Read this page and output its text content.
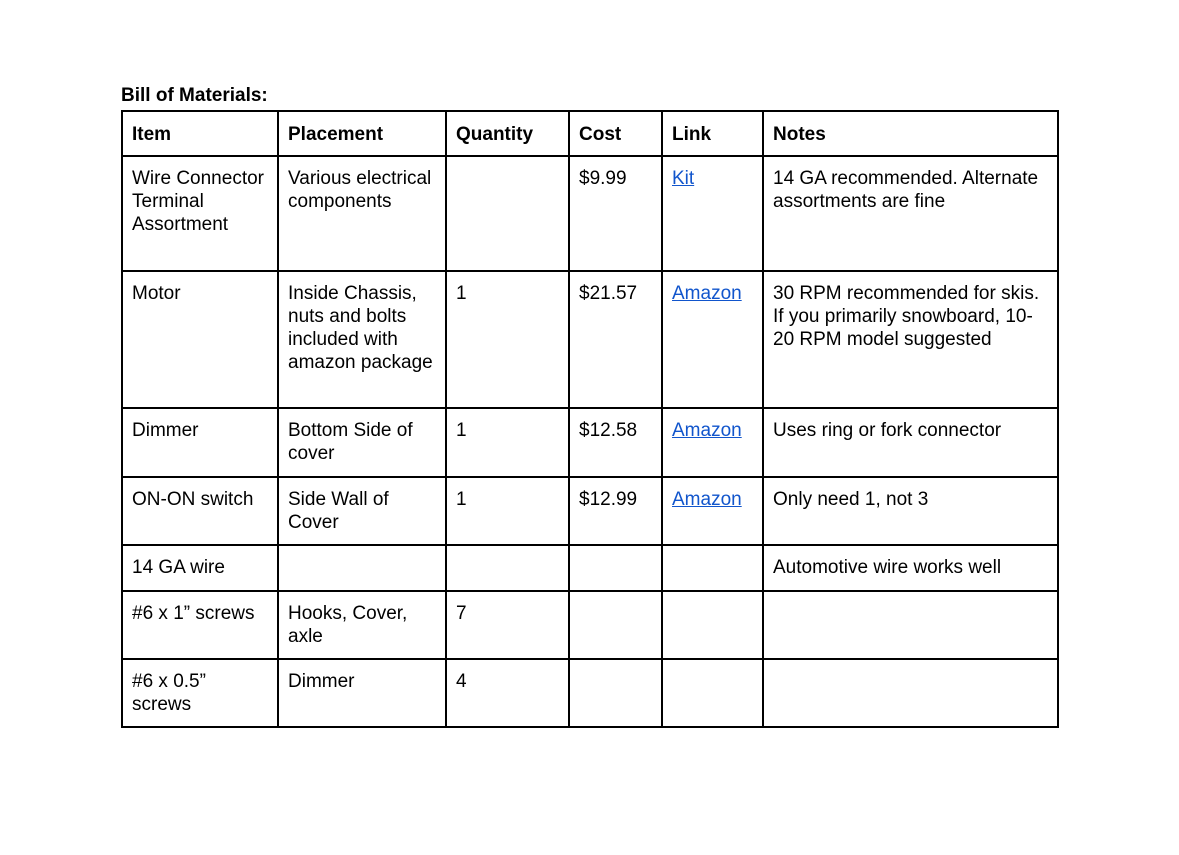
Bill of Materials:
Item	Placement	Quantity	Cost	Link	Notes
Wire Connector Terminal Assortment	Various electrical components		$9.99	Kit	14 GA recommended. Alternate assortments are fine
Motor	Inside Chassis, nuts and bolts included with amazon package	1	$21.57	Amazon	30 RPM recommended for skis. If you primarily snowboard, 10-20 RPM model suggested
Dimmer	Bottom Side of cover	1	$12.58	Amazon	Uses ring or fork connector
ON-ON switch	Side Wall of Cover	1	$12.99	Amazon	Only need 1, not 3
14 GA wire					Automotive wire works well
#6 x 1” screws	Hooks, Cover, axle	7			
#6 x 0.5” screws	Dimmer	4			
